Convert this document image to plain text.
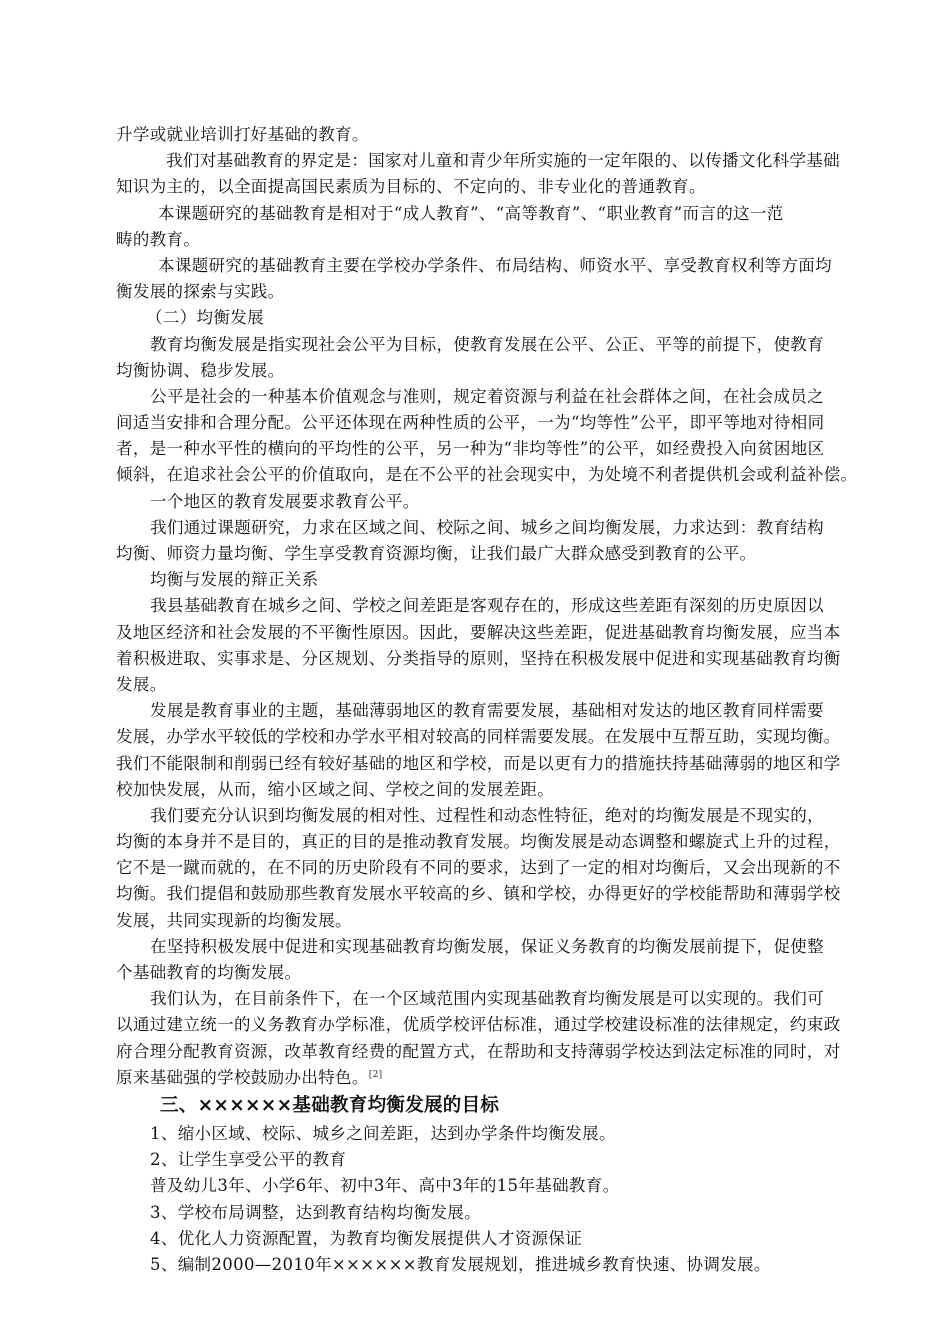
升学或就业培训打好基础的教育。
我们对基础教育的界定是：国家对儿童和青少年所实施的一定年限的、以传播文化科学基础
知识为主的，以全面提高国民素质为目标的、不定向的、非专业化的普通教育。
本课题研究的基础教育是相对于“成人教育”、“高等教育”、“职业教育”而言的这一范
畴的教育。
本课题研究的基础教育主要在学校办学条件、布局结构、师资水平、享受教育权利等方面均
衡发展的探索与实践。
（二）均衡发展
教育均衡发展是指实现社会公平为目标，使教育发展在公平、公正、平等的前提下，使教育
均衡协调、稳步发展。
公平是社会的一种基本价值观念与准则，规定着资源与利益在社会群体之间，在社会成员之
间适当安排和合理分配。公平还体现在两种性质的公平，一为“均等性”公平，即平等地对待相同
者，是一种水平性的横向的平均性的公平，另一种为“非均等性”的公平，如经费投入向贫困地区
倾斜，在追求社会公平的价值取向，是在不公平的社会现实中，为处境不利者提供机会或利益补偿。
一个地区的教育发展要求教育公平。
我们通过课题研究，力求在区域之间、校际之间、城乡之间均衡发展，力求达到：教育结构
均衡、师资力量均衡、学生享受教育资源均衡，让我们最广大群众感受到教育的公平。
均衡与发展的辩正关系
我县基础教育在城乡之间、学校之间差距是客观存在的，形成这些差距有深刻的历史原因以
及地区经济和社会发展的不平衡性原因。因此，要解决这些差距，促进基础教育均衡发展，应当本
着积极进取、实事求是、分区规划、分类指导的原则，坚持在积极发展中促进和实现基础教育均衡
发展。
发展是教育事业的主题，基础薄弱地区的教育需要发展，基础相对发达的地区教育同样需要
发展，办学水平较低的学校和办学水平相对较高的同样需要发展。在发展中互帮互助，实现均衡。
我们不能限制和削弱已经有较好基础的地区和学校，而是以更有力的措施扶持基础薄弱的地区和学
校加快发展，从而，缩小区域之间、学校之间的发展差距。
我们要充分认识到均衡发展的相对性、过程性和动态性特征，绝对的均衡发展是不现实的，
均衡的本身并不是目的，真正的目的是推动教育发展。均衡发展是动态调整和螺旋式上升的过程，
它不是一蹴而就的，在不同的历史阶段有不同的要求，达到了一定的相对均衡后，又会出现新的不
均衡。我们提倡和鼓励那些教育发展水平较高的乡、镇和学校，办得更好的学校能帮助和薄弱学校
发展，共同实现新的均衡发展。
在坚持积极发展中促进和实现基础教育均衡发展，保证义务教育的均衡发展前提下，促使整
个基础教育的均衡发展。
我们认为，在目前条件下，在一个区域范围内实现基础教育均衡发展是可以实现的。我们可
以通过建立统一的义务教育办学标准，优质学校评估标准，通过学校建设标准的法律规定，约束政
府合理分配教育资源，改革教育经费的配置方式，在帮助和支持薄弱学校达到法定标准的同时，对
原来基础强的学校鼓励办出特色。[2]
三、××××××基础教育均衡发展的目标
1、缩小区域、校际、城乡之间差距，达到办学条件均衡发展。
2、让学生享受公平的教育
普及幼儿3年、小学6年、初中3年、高中3年的15年基础教育。
3、学校布局调整，达到教育结构均衡发展。
4、优化人力资源配置，为教育均衡发展提供人才资源保证
5、编制2000—2010年××××××教育发展规划，推进城乡教育快速、协调发展。
